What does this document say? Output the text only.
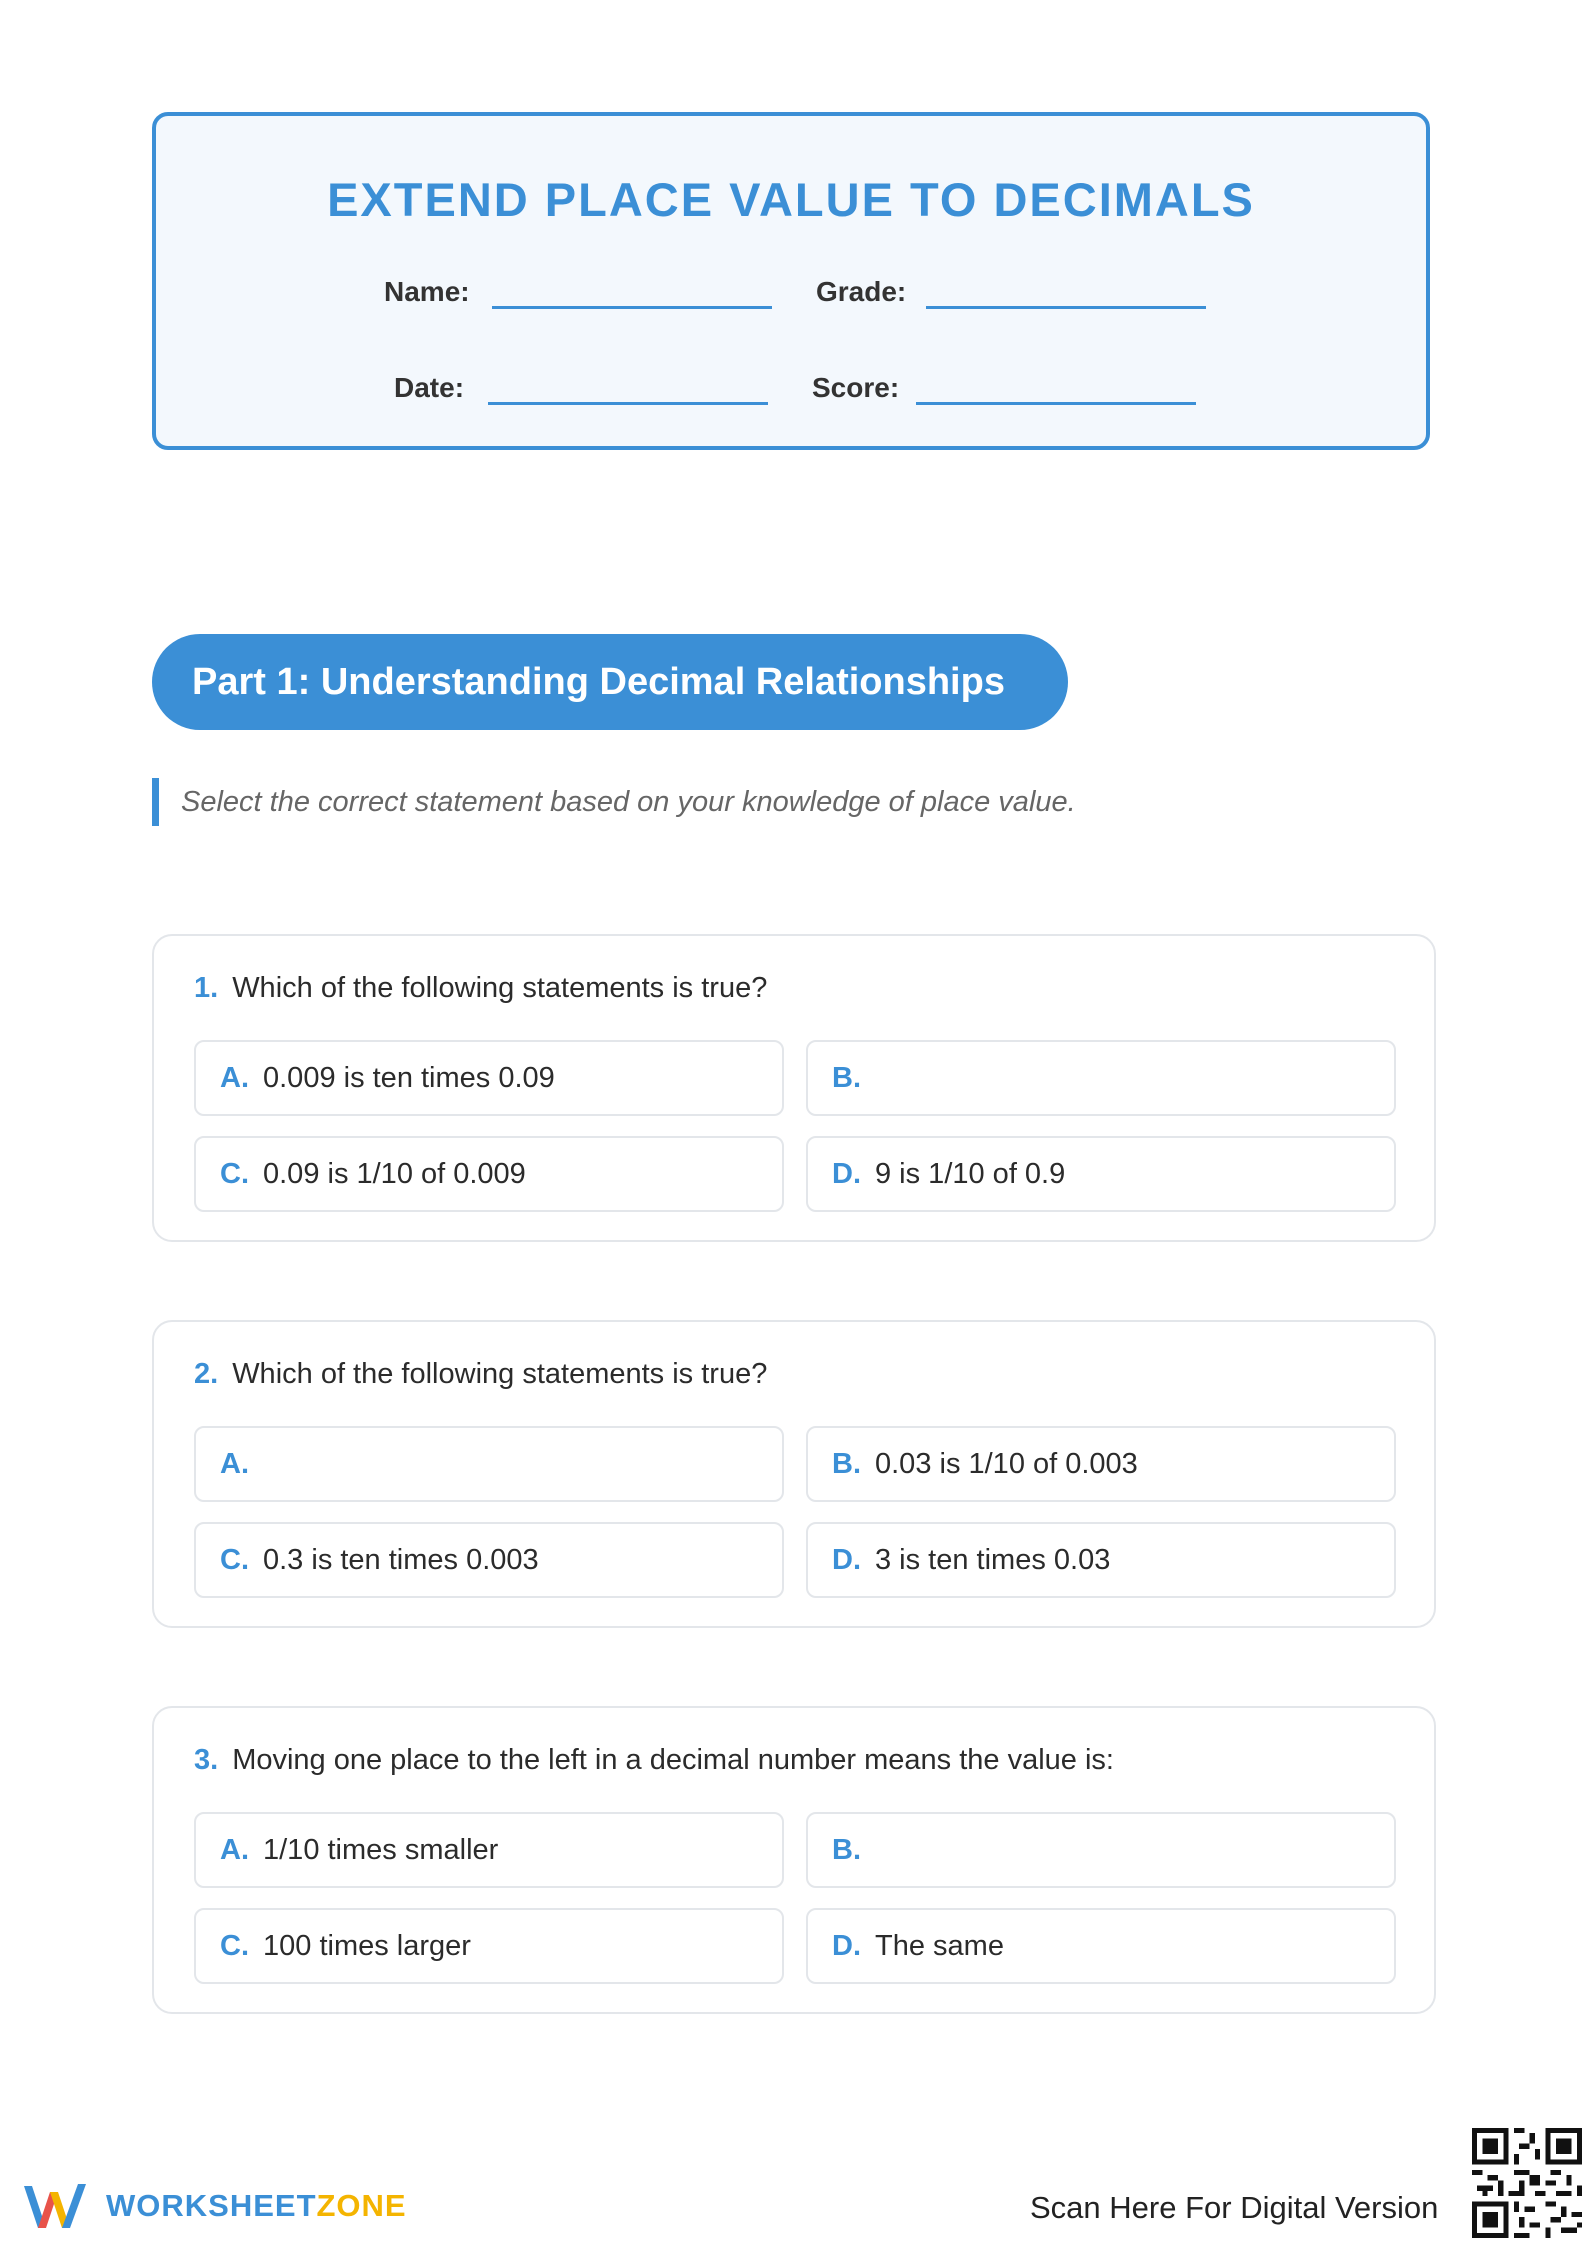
EXTEND PLACE VALUE TO DECIMALS
Name:	Grade:
Date:	Score:
Part 1: Understanding Decimal Relationships
Select the correct statement based on your knowledge of place value.
1. Which of the following statements is true?
A. 0.009 is ten times 0.09	B.
C. 0.09 is 1/10 of 0.009	D. 9 is 1/10 of 0.9
2. Which of the following statements is true?
A.	B. 0.03 is 1/10 of 0.003
C. 0.3 is ten times 0.003	D. 3 is ten times 0.03
3. Moving one place to the left in a decimal number means the value is:
A. 1/10 times smaller	B.
C. 100 times larger	D. The same
WORKSHEETZONE	Scan Here For Digital Version
